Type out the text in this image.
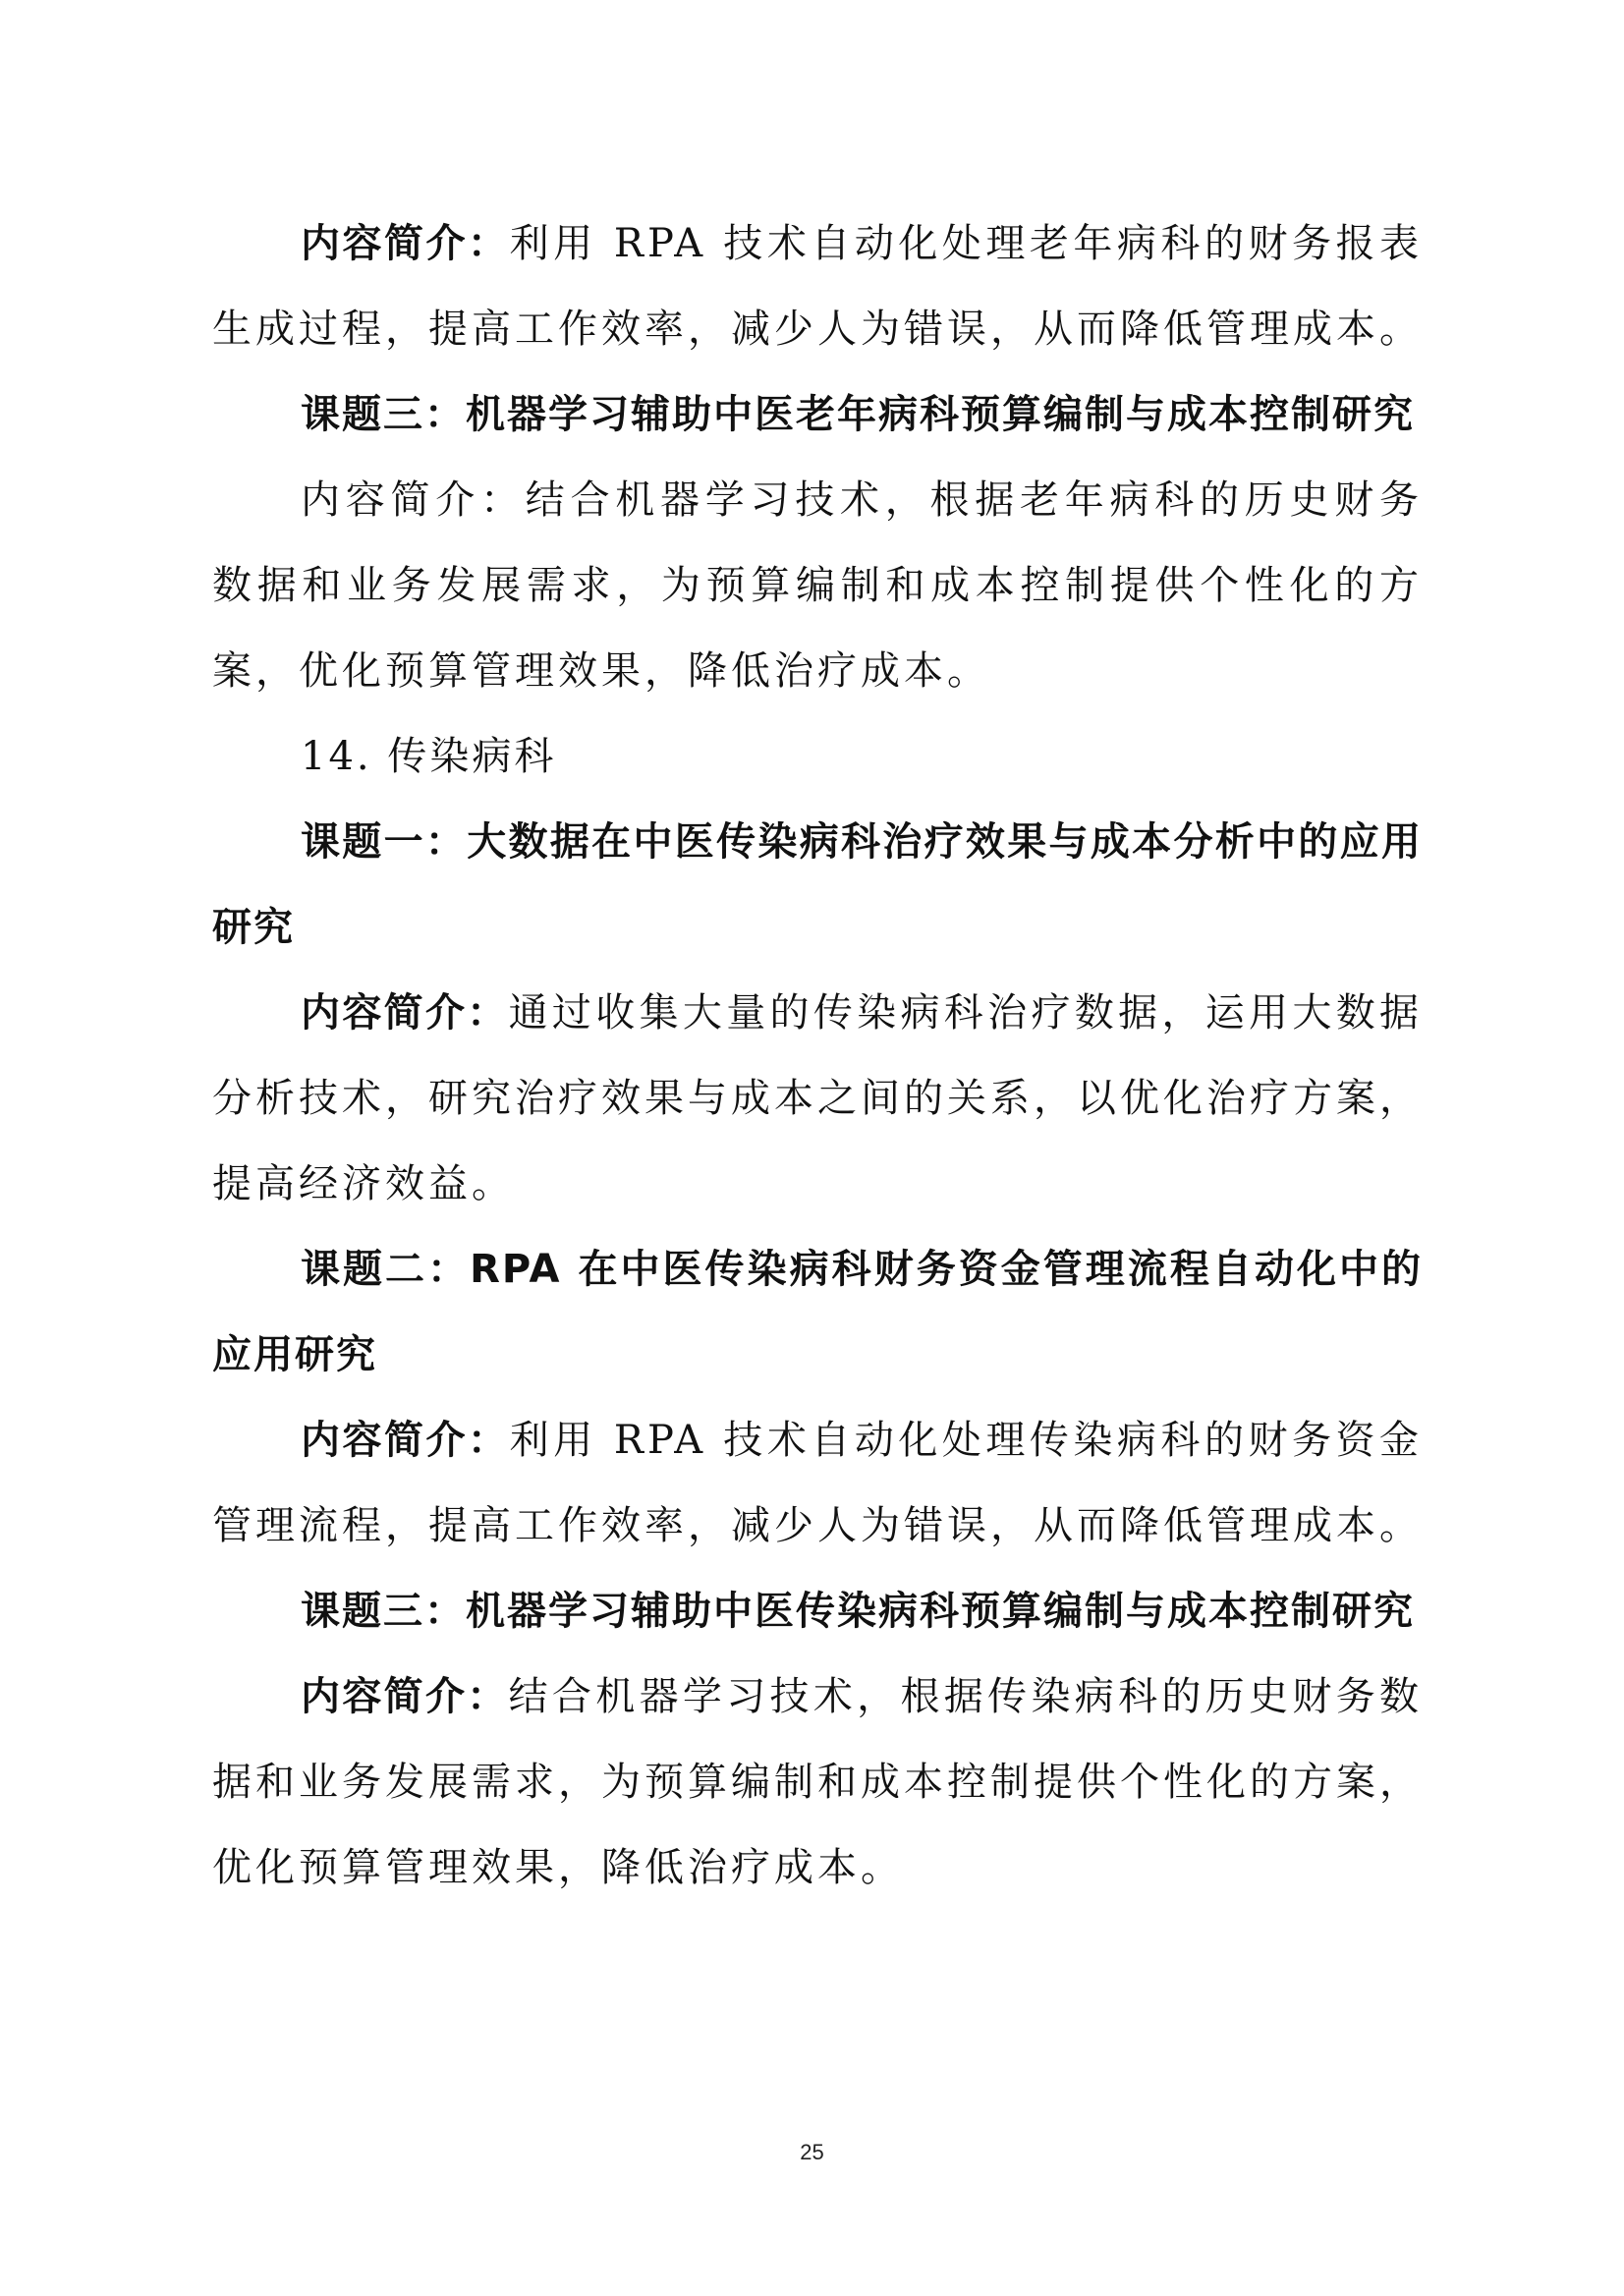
内容简介：利用 RPA 技术自动化处理老年病科的财务报表生成过程，提高工作效率，减少人为错误，从而降低管理成本。

课题三：机器学习辅助中医老年病科预算编制与成本控制研究

内容简介：结合机器学习技术，根据老年病科的历史财务数据和业务发展需求，为预算编制和成本控制提供个性化的方案，优化预算管理效果，降低治疗成本。

14. 传染病科

课题一：大数据在中医传染病科治疗效果与成本分析中的应用研究

内容简介：通过收集大量的传染病科治疗数据，运用大数据分析技术，研究治疗效果与成本之间的关系，以优化治疗方案，提高经济效益。

课题二：RPA 在中医传染病科财务资金管理流程自动化中的应用研究

内容简介：利用 RPA 技术自动化处理传染病科的财务资金管理流程，提高工作效率，减少人为错误，从而降低管理成本。

课题三：机器学习辅助中医传染病科预算编制与成本控制研究

内容简介：结合机器学习技术，根据传染病科的历史财务数据和业务发展需求，为预算编制和成本控制提供个性化的方案，优化预算管理效果，降低治疗成本。

25
